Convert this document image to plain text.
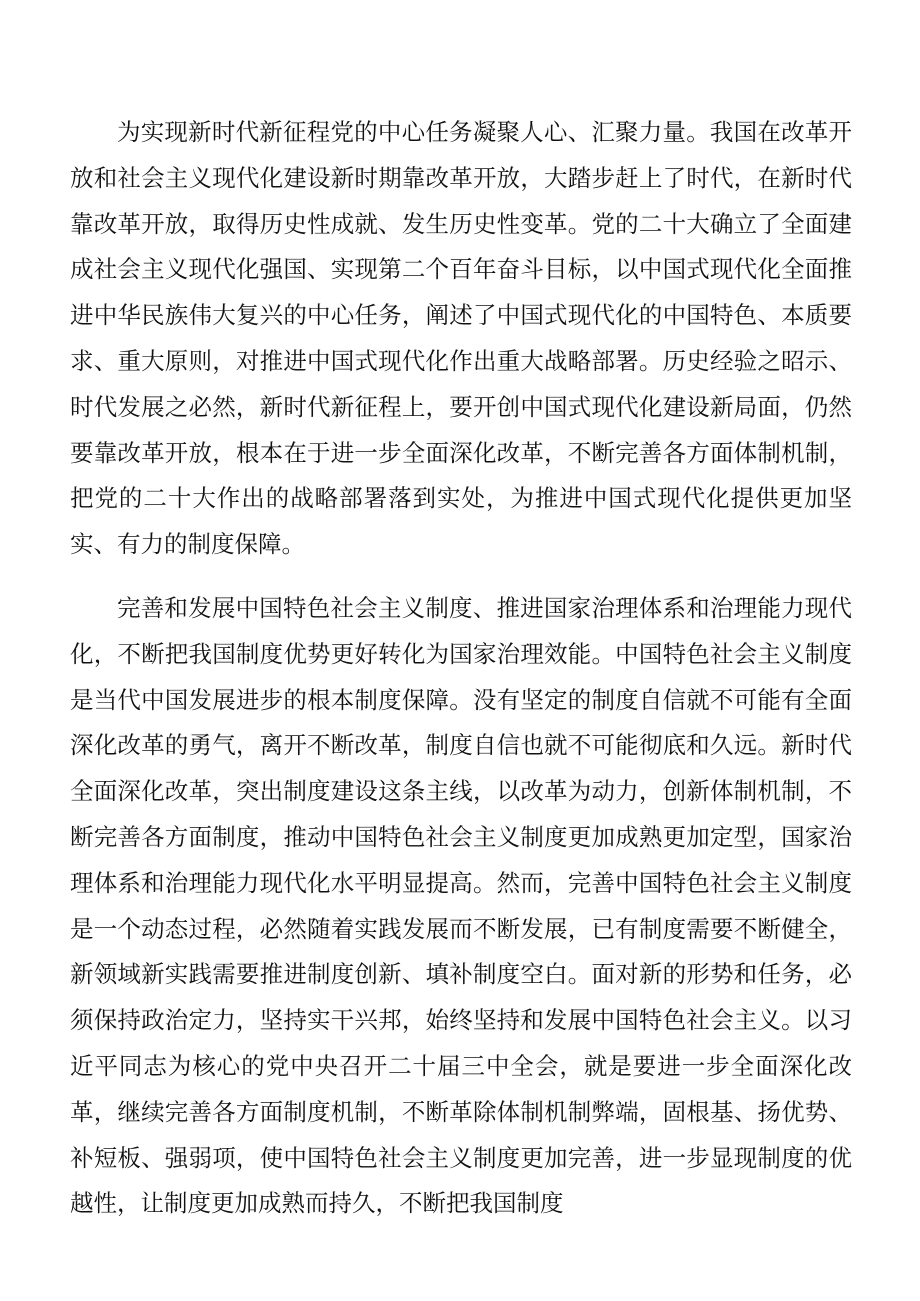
为实现新时代新征程党的中心任务凝聚人心、汇聚力量。我国在改革开放和社会主义现代化建设新时期靠改革开放，大踏步赶上了时代，在新时代靠改革开放，取得历史性成就、发生历史性变革。党的二十大确立了全面建成社会主义现代化强国、实现第二个百年奋斗目标，以中国式现代化全面推进中华民族伟大复兴的中心任务，阐述了中国式现代化的中国特色、本质要求、重大原则，对推进中国式现代化作出重大战略部署。历史经验之昭示、时代发展之必然，新时代新征程上，要开创中国式现代化建设新局面，仍然要靠改革开放，根本在于进一步全面深化改革，不断完善各方面体制机制，把党的二十大作出的战略部署落到实处，为推进中国式现代化提供更加坚实、有力的制度保障。

完善和发展中国特色社会主义制度、推进国家治理体系和治理能力现代化，不断把我国制度优势更好转化为国家治理效能。中国特色社会主义制度是当代中国发展进步的根本制度保障。没有坚定的制度自信就不可能有全面深化改革的勇气，离开不断改革，制度自信也就不可能彻底和久远。新时代全面深化改革，突出制度建设这条主线，以改革为动力，创新体制机制，不断完善各方面制度，推动中国特色社会主义制度更加成熟更加定型，国家治理体系和治理能力现代化水平明显提高。然而，完善中国特色社会主义制度是一个动态过程，必然随着实践发展而不断发展，已有制度需要不断健全，新领域新实践需要推进制度创新、填补制度空白。面对新的形势和任务，必须保持政治定力，坚持实干兴邦，始终坚持和发展中国特色社会主义。以习近平同志为核心的党中央召开二十届三中全会，就是要进一步全面深化改革，继续完善各方面制度机制，不断革除体制机制弊端，固根基、扬优势、补短板、强弱项，使中国特色社会主义制度更加完善，进一步显现制度的优越性，让制度更加成熟而持久，不断把我国制度
